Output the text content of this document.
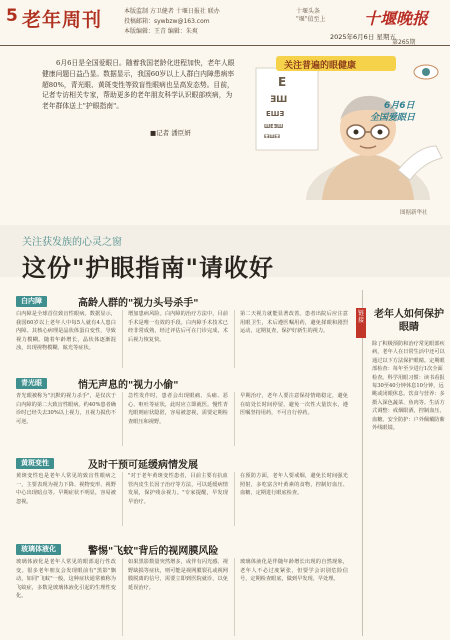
5 老年周刊	本版监制 方卫健者 十堰日报社 联办
投稿邮箱：sywbzw@163.com
本版编辑：王青 编辑：朱爽
十堰头条 "堰"值至上	十堰晚报
2025年6月6日 星期五
第265期
6月6日是全国爱眼日。随着我国老龄化进程加快，老年人眼健康问题日益凸显。数据显示，我国60岁以上人群白内障患病率超80%，青光眼、黄斑变性等致盲性眼病也呈高发态势。目前，记者专访相关专家，帮助更多的老年朋友科学认识眼部疾病，为老年群体送上"护眼指南"。
■记者 潘臣妍
E
ƎШ
EШƎ
ШEƎШ
EƎШEƎ
关注普遍的眼健康
6月6日
全国爱眼日
图据新华社
关注获发族的心灵之窗
这份"护眼指南"请收好
白内障	高龄人群的"视力头号杀手"
白内障是全球首位致盲性眼病。数据显示，我国60岁以上老年人中每5人就有4人患白内障。其核心病理是晶状体蛋白变性，导致视力模糊。随着年龄增长，晶状体逐渐混浊，出现视物模糊、眩光等症状。
增加患病风险。白内障的治疗方法中，目前手术是唯一有效的手段。白内障手术技术已经非常成熟，经过评估后可在门诊完成，术后视力恢复快。
第二天视力就能显著改善。患者出院后应注意用眼卫生，术后遵医嘱用药，避免揉眼和剧烈运动，定期复查，保护好新生的视力。
青光眼	悄无声息的"视力小偷"
青光眼被称为"沉默的视力杀手"，是仅次于白内障的第二大致盲性眼病。约40%患者确诊时已经失去30%以上视力，且视力损伤不可逆。
急性发作时，患者会出现眼痛、头痛、恶心、呕吐等症状，此时应立即就医。慢性青光眼则症状隐匿，容易被忽视，需要定期检查眼压和视野。
早期治疗，老年人要注意保持情绪稳定，避免在暗处长时间停留，避免一次性大量饮水，遵医嘱坚持用药，不可自行停药。
黄斑变性	及时干预可延缓病情发展
黄斑变性也是老年人常见的致盲性眼病之一，主要表现为视力下降、视物变形、视野中心出现暗点等。早期症状不明显，容易被忽视。
"对于老年黄斑变性患者，目前主要有抗血管内皮生长因子治疗等方法，可以延缓病情发展，保护残余视力。"专家提醒，早发现早治疗。
在预防方面，老年人要戒烟，避免长时间强光照射，多吃富含叶黄素的食物，控制好血压、血糖，定期进行眼底检查。
玻璃体液化	警惕"飞蚊"背后的视网膜风险
玻璃体液化是老年人常见的眼部退行性改变。很多老年朋友会发现眼前有"黑影"飘动，如同"飞蚊"一般，这种症状通常被称为飞蚊症，多数是玻璃体液化引起的生理性变化。
如果黑影数量突然增多，或伴有闪光感、视野缺损等症状，则可能是视网膜裂孔或视网膜脱离的信号，需要立即到医院就诊，以免延误治疗。
玻璃体液化是伴随年龄增长出现的自然现象，老年人不必过度紧张，但要学会识别危险信号，定期检查眼底，做到早发现、早处理。
链接
老年人如何保护眼睛
除了积极预防和治疗常见眼部疾病，老年人在日常生活中还可以通过以下方法保护眼睛。定期眼部检查：每年至少进行1次全面检查。科学用眼习惯：读书看报每30至40分钟休息10分钟，远眺或闭眼休息。饮食与营养：多摄入深色蔬菜、鱼肉等。生活方式调整：戒烟限酒，控制血压、血糖。安全防护：户外佩戴防紫外线眼镜。
